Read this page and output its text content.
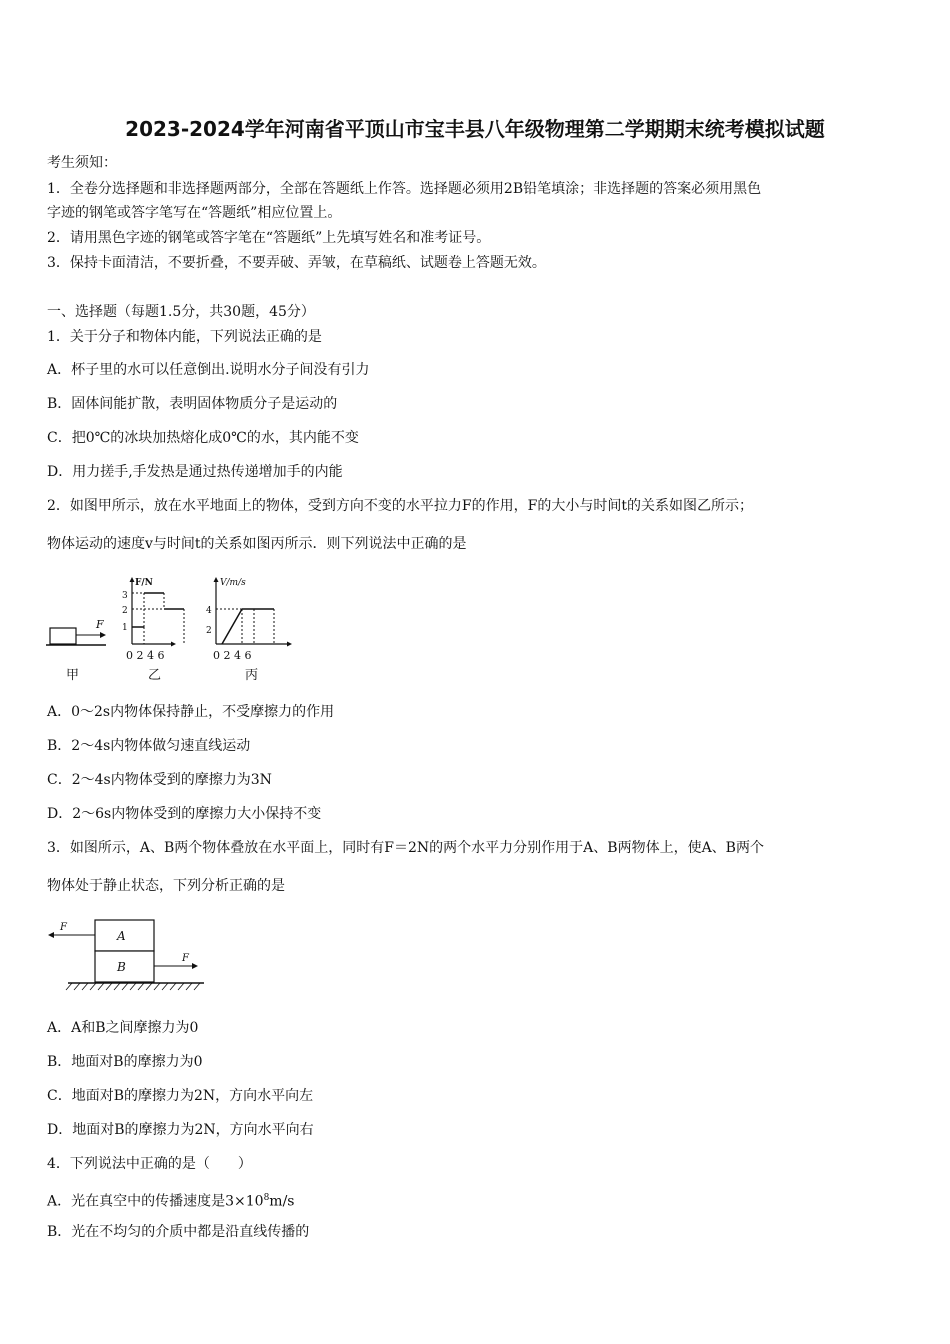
2023-2024学年河南省平顶山市宝丰县八年级物理第二学期期末统考模拟试题
考生须知：
1．全卷分选择题和非选择题两部分，全部在答题纸上作答。选择题必须用2B铅笔填涂；非选择题的答案必须用黑色
字迹的钢笔或答字笔写在“答题纸”相应位置上。
2．请用黑色字迹的钢笔或答字笔在“答题纸”上先填写姓名和准考证号。
3．保持卡面清洁，不要折叠，不要弄破、弄皱，在草稿纸、试题卷上答题无效。
一、选择题（每题1.5分，共30题，45分）
1．关于分子和物体内能，下列说法正确的是
A．杯子里的水可以任意倒出.说明水分子间没有引力
B．固体间能扩散，表明固体物质分子是运动的
C．把0℃的冰块加热熔化成0℃的水，其内能不变
D．用力搓手,手发热是通过热传递增加手的内能
2．如图甲所示，放在水平地面上的物体，受到方向不变的水平拉力F的作用，F的大小与时间t的关系如图乙所示；
物体运动的速度v与时间t的关系如图丙所示．则下列说法中正确的是
F
甲
F/N
3
2
1
0 2 4 6
乙
V/m/s
4
2
0 2 4 6
丙
A．0～2s内物体保持静止，不受摩擦力的作用
B．2～4s内物体做匀速直线运动
C．2～4s内物体受到的摩擦力为3N
D．2～6s内物体受到的摩擦力大小保持不变
3．如图所示，A、B两个物体叠放在水平面上，同时有F＝2N的两个水平力分别作用于A、B两物体上，使A、B两个
物体处于静止状态，下列分析正确的是
A
B
F
F
A．A和B之间摩擦力为0
B．地面对B的摩擦力为0
C．地面对B的摩擦力为2N，方向水平向左
D．地面对B的摩擦力为2N，方向水平向右
4．下列说法中正确的是（　　）
A．光在真空中的传播速度是$3\times 10^8m/s$
B．光在不均匀的介质中都是沿直线传播的
